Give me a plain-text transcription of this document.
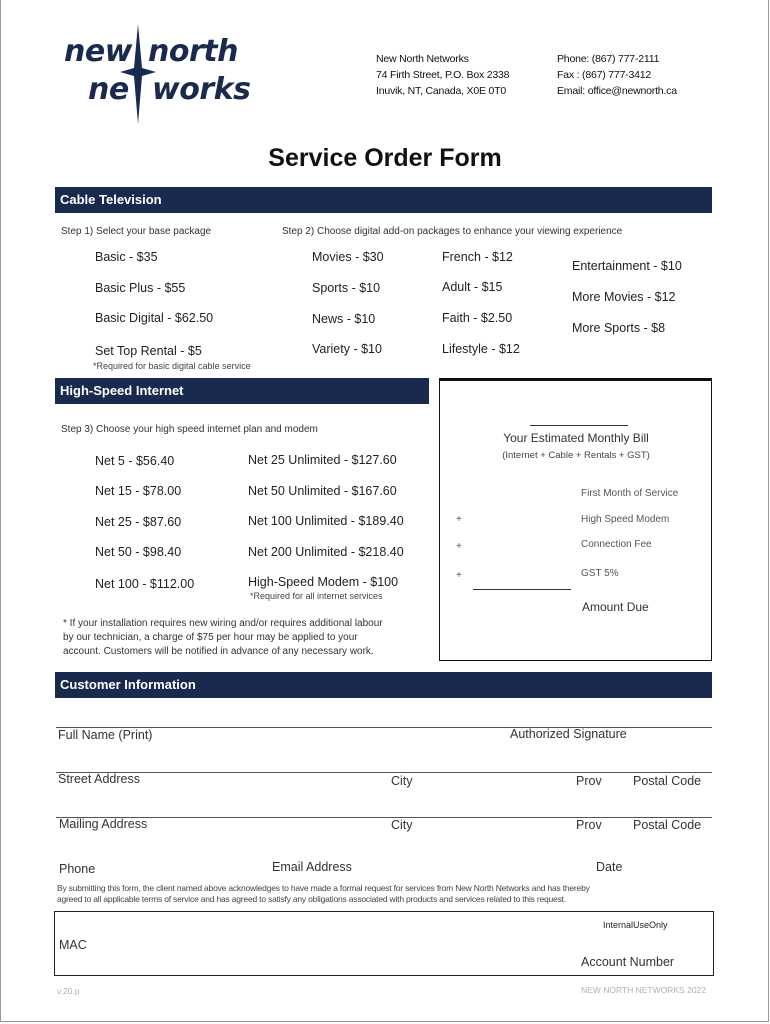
new north
ne works
New North Networks
74 Firth Street, P.O. Box 2338
Inuvik, NT, Canada, X0E 0T0
Phone: (867) 777-2111
Fax : (867) 777-3412
Email: office@newnorth.ca
Service Order Form
Cable Television
Step 1) Select your base package	Step 2) Choose digital add-on packages to enhance your viewing experience
Basic - $35
Basic Plus - $55
Basic Digital - $62.50
Set Top Rental - $5
*Required for basic digital cable service
Movies - $30
Sports - $10
News - $10
Variety - $10
French - $12
Adult - $15
Faith - $2.50
Lifestyle - $12
Entertainment - $10
More Movies - $12
More Sports - $8
High-Speed Internet
Step 3) Choose your high speed internet plan and modem
Net 5 - $56.40
Net 15 - $78.00
Net 25 - $87.60
Net 50 - $98.40
Net 100 - $112.00
Net 25 Unlimited - $127.60
Net 50 Unlimited - $167.60
Net 100 Unlimited - $189.40
Net 200 Unlimited - $218.40
High-Speed Modem - $100
*Required for all internet services
* If your installation requires new wiring and/or requires additional labour
by our technician, a charge of $75 per hour may be applied to your
account. Customers will be notified in advance of any necessary work.
Your Estimated Monthly Bill
(Internet + Cable + Rentals + GST)
First Month of Service
+	High Speed Modem
+	Connection Fee
+	GST 5%
Amount Due
Customer Information
Full Name (Print)	Authorized Signature
Street Address	City	Prov	Postal Code
Mailing Address	City	Prov	Postal Code
Phone	Email Address	Date
By submitting this form, the client named above acknowledges to have made a formal request for services from New North Networks and has thereby
agreed to all applicable terms of service and has agreed to satisfy any obligations associated with products and services related to this request.
InternalUseOnly
MAC
Account Number
v.20.p	NEW NORTH NETWORKS 2022
